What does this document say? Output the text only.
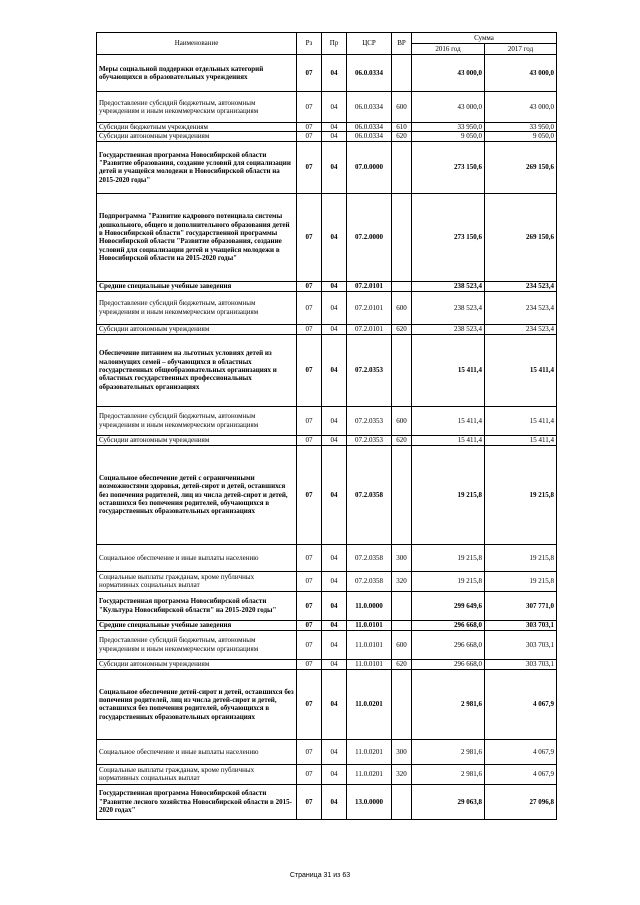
Наименование	Рз	Пр	ЦСР	ВР	Сумма	
					2016 год	2017 год
Меры социальной поддержки отдельных категорий обучающихся в образовательных учреждениях	07	04	06.0.0334		43 000,0	43 000,0
Предоставление субсидий бюджетным, автономным учреждениям и иным некоммерческим организациям	07	04	06.0.0334	600	43 000,0	43 000,0
Субсидии бюджетным учреждениям	07	04	06.0.0334	610	33 950,0	33 950,0
Субсидии автономным учреждениям	07	04	06.0.0334	620	9 050,0	9 050,0
Государственная программа Новосибирской области "Развитие образования, создание условий для социализации детей и учащейся молодежи в Новосибирской области на 2015-2020 годы"	07	04	07.0.0000		273 150,6	269 150,6
Подпрограмма "Развитие кадрового потенциала системы дошкольного, общего и дополнительного образования детей в Новосибирской области" государственной программы Новосибирской области "Развитие образования, создание условий для социализации детей и учащейся молодежи в Новосибирской области на 2015-2020 годы"	07	04	07.2.0000		273 150,6	269 150,6
Средние специальные учебные заведения	07	04	07.2.0101		238 523,4	234 523,4
Предоставление субсидий бюджетным, автономным учреждениям и иным некоммерческим организациям	07	04	07.2.0101	600	238 523,4	234 523,4
Субсидии автономным учреждениям	07	04	07.2.0101	620	238 523,4	234 523,4
Обеспечение питанием на льготных условиях детей из малоимущих семей – обучающихся в областных государственных общеобразовательных организациях и областных государственных профессиональных образовательных организациях	07	04	07.2.0353		15 411,4	15 411,4
Предоставление субсидий бюджетным, автономным учреждениям и иным некоммерческим организациям	07	04	07.2.0353	600	15 411,4	15 411,4
Субсидии автономным учреждениям	07	04	07.2.0353	620	15 411,4	15 411,4
Социальное обеспечение детей с ограниченными возможностями здоровья, детей-сирот и детей, оставшихся без попечения родителей, лиц из числа детей-сирот и детей, оставшихся без попечения родителей, обучающихся в государственных образовательных организациях	07	04	07.2.0358		19 215,8	19 215,8
Социальное обеспечение и иные выплаты населению	07	04	07.2.0358	300	19 215,8	19 215,8
Социальные выплаты гражданам, кроме публичных нормативных социальных выплат	07	04	07.2.0358	320	19 215,8	19 215,8
Государственная программа Новосибирской области "Культура Новосибирской области" на 2015-2020 годы"	07	04	11.0.0000		299 649,6	307 771,0
Средние специальные учебные заведения	07	04	11.0.0101		296 668,0	303 703,1
Предоставление субсидий бюджетным, автономным учреждениям и иным некоммерческим организациям	07	04	11.0.0101	600	296 668,0	303 703,1
Субсидии автономным учреждениям	07	04	11.0.0101	620	296 668,0	303 703,1
Социальное обеспечение детей-сирот и детей, оставшихся без попечения родителей, лиц из числа детей-сирот и детей, оставшихся без попечения родителей, обучающихся в государственных образовательных организациях	07	04	11.0.0201		2 981,6	4 067,9
Социальное обеспечение и иные выплаты населению	07	04	11.0.0201	300	2 981,6	4 067,9
Социальные выплаты гражданам, кроме публичных нормативных социальных выплат	07	04	11.0.0201	320	2 981,6	4 067,9
Государственная программа Новосибирской области "Развитие лесного хозяйства Новосибирской области в 2015-2020 годах"	07	04	13.0.0000		29 063,8	27 096,8
Страница 31 из 63
